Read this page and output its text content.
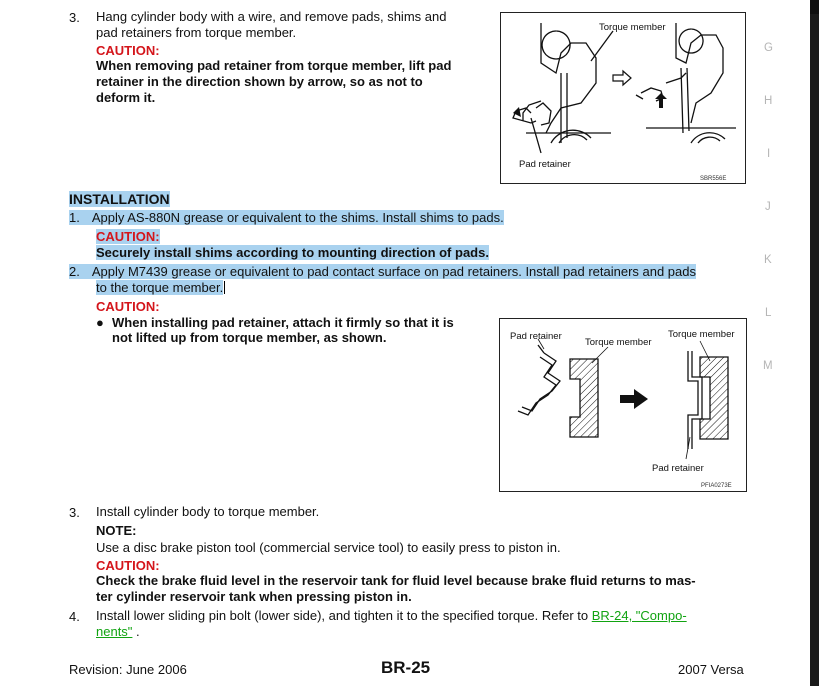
3. Hang cylinder body with a wire, and remove pads, shims and
pad retainers from torque member.
CAUTION:
When removing pad retainer from torque member, lift pad
retainer in the direction shown by arrow, so as not to
deform it.
Torque member
Pad retainer
SBR556E
INSTALLATION
1. Apply AS-880N grease or equivalent to the shims. Install shims to pads.
CAUTION:
Securely install shims according to mounting direction of pads.
2. Apply M7439 grease or equivalent to pad contact surface on pad retainers. Install pad retainers and pads
to the torque member.
CAUTION:
● When installing pad retainer, attach it firmly so that it is
not lifted up from torque member, as shown.	Pad retainer
Torque member
Torque member
Pad retainer
PFIA0273E
3. Install cylinder body to torque member.
NOTE:
Use a disc brake piston tool (commercial service tool) to easily press to piston in.
CAUTION:
Check the brake fluid level in the reservoir tank for fluid level because brake fluid returns to mas-
ter cylinder reservoir tank when pressing piston in.
4. Install lower sliding pin bolt (lower side), and tighten it to the specified torque. Refer to BR-24, "Compo-
nents" .
G
H
I
J
K
L
M
Revision: June 2006	BR-25	2007 Versa
